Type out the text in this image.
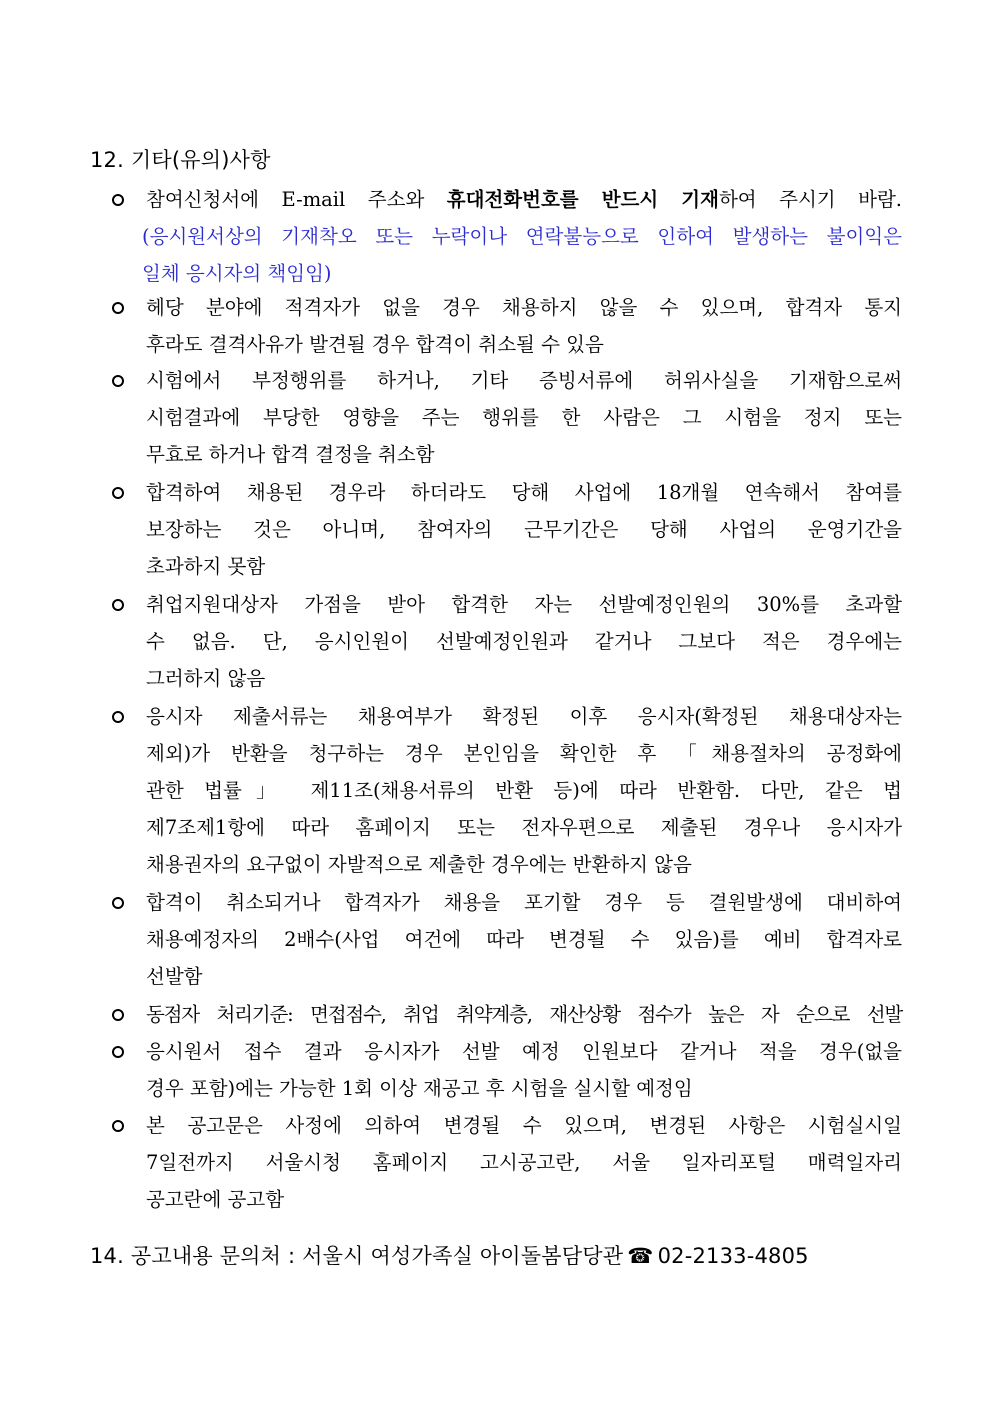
12. 기타(유의)사항
참여신청서에 E-mail 주소와 휴대전화번호를 반드시 기재하여 주시기 바람.
(응시원서상의 기재착오 또는 누락이나 연락불능으로 인하여 발생하는 불이익은
일체 응시자의 책임임)
헤당 분야에 적격자가 없을 경우 채용하지 않을 수 있으며, 합격자 통지
후라도 결격사유가 발견될 경우 합격이 취소될 수 있음
시험에서 부정행위를 하거나, 기타 증빙서류에 허위사실을 기재함으로써
시험결과에 부당한 영향을 주는 행위를 한 사람은 그 시험을 정지 또는
무효로 하거나 합격 결정을 취소함
합격하여 채용된 경우라 하더라도 당해 사업에 18개월 연속해서 참여를
보장하는 것은 아니며, 참여자의 근무기간은 당해 사업의 운영기간을
초과하지 못함
취업지원대상자 가점을 받아 합격한 자는 선발예정인원의 30%를 초과할
수 없음. 단, 응시인원이 선발예정인원과 같거나 그보다 적은 경우에는
그러하지 않음
응시자 제출서류는 채용여부가 확정된 이후 응시자(확정된 채용대상자는
제외)가 반환을 청구하는 경우 본인임을 확인한 후 「채용절차의 공정화에
관한 법률」 제11조(채용서류의 반환 등)에 따라 반환함. 다만, 같은 법
제7조제1항에 따라 홈페이지 또는 전자우편으로 제출된 경우나 응시자가
채용권자의 요구없이 자발적으로 제출한 경우에는 반환하지 않음
합격이 취소되거나 합격자가 채용을 포기할 경우 등 결원발생에 대비하여
채용예정자의 2배수(사업 여건에 따라 변경될 수 있음)를 예비 합격자로
선발함
동점자 처리기준: 면접점수, 취업 취약계층, 재산상황 점수가 높은 자 순으로 선발
응시원서 접수 결과 응시자가 선발 예정 인원보다 같거나 적을 경우(없을
경우 포함)에는 가능한 1회 이상 재공고 후 시험을 실시할 예정임
본 공고문은 사정에 의하여 변경될 수 있으며, 변경된 사항은 시험실시일
7일전까지 서울시청 홈페이지 고시공고란, 서울 일자리포털 매력일자리
공고란에 공고함
14. 공고내용 문의처 : 서울시 여성가족실 아이돌봄담당관 ☎ 02-2133-4805
